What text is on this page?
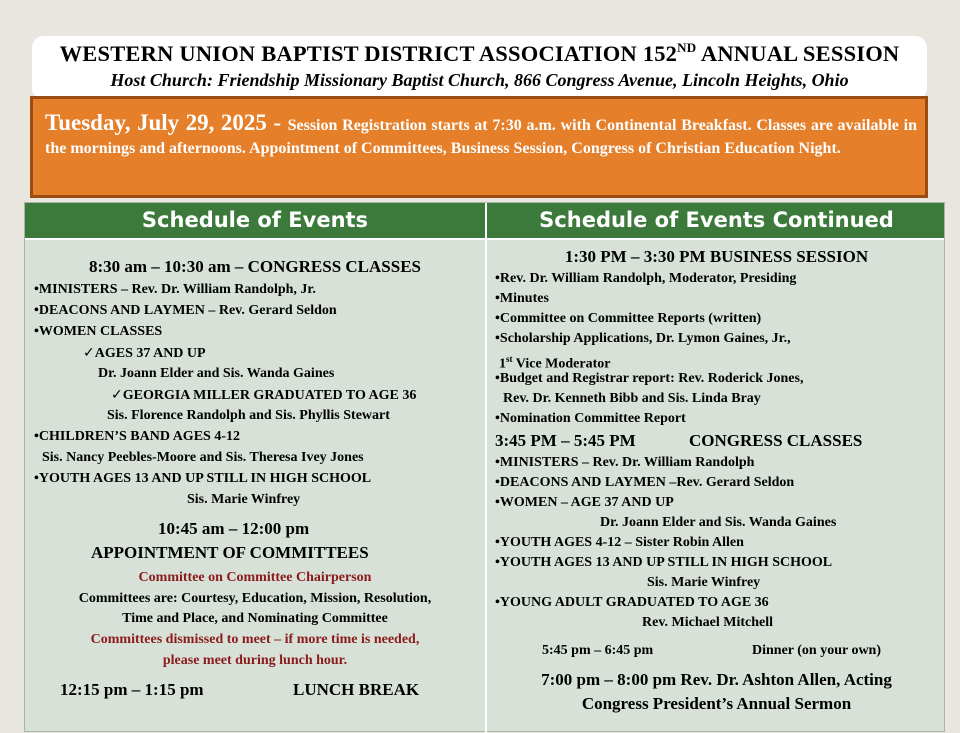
WESTERN UNION BAPTIST DISTRICT ASSOCIATION 152ND ANNUAL SESSION
Host Church: Friendship Missionary Baptist Church, 866 Congress Avenue, Lincoln Heights, Ohio
Tuesday, July 29, 2025 - Session Registration starts at 7:30 a.m. with Continental Breakfast. Classes are available in the mornings and afternoons. Appointment of Committees, Business Session, Congress of Christian Education Night.
Schedule of Events	Schedule of Events Continued
8:30 am – 10:30 am – CONGRESS CLASSES
•MINISTERS – Rev. Dr. William Randolph, Jr.
•DEACONS AND LAYMEN – Rev. Gerard Seldon
•WOMEN CLASSES
✓AGES 37 AND UP
Dr. Joann Elder and Sis. Wanda Gaines
✓GEORGIA MILLER GRADUATED TO AGE 36
Sis. Florence Randolph and Sis. Phyllis Stewart
•CHILDREN’S BAND AGES 4-12
Sis. Nancy Peebles-Moore and Sis. Theresa Ivey Jones
•YOUTH AGES 13 AND UP STILL IN HIGH SCHOOL
Sis. Marie Winfrey
10:45 am – 12:00 pm
APPOINTMENT OF COMMITTEES
Committee on Committee Chairperson
Committees are: Courtesy, Education, Mission, Resolution,
Time and Place, and Nominating Committee
Committees dismissed to meet – if more time is needed,
please meet during lunch hour.
12:15 pm – 1:15 pm	LUNCH BREAK
1:30 PM – 3:30 PM BUSINESS SESSION
•Rev. Dr. William Randolph, Moderator, Presiding
•Minutes
•Committee on Committee Reports (written)
•Scholarship Applications, Dr. Lymon Gaines, Jr.,
1st Vice Moderator
•Budget and Registrar report: Rev. Roderick Jones,
Rev. Dr. Kenneth Bibb and Sis. Linda Bray
•Nomination Committee Report
3:45 PM – 5:45 PM	CONGRESS CLASSES
•MINISTERS – Rev. Dr. William Randolph
•DEACONS AND LAYMEN –Rev. Gerard Seldon
•WOMEN – AGE 37 AND UP
Dr. Joann Elder and Sis. Wanda Gaines
•YOUTH AGES 4-12 – Sister Robin Allen
•YOUTH AGES 13 AND UP STILL IN HIGH SCHOOL
Sis. Marie Winfrey
•YOUNG ADULT GRADUATED TO AGE 36
Rev. Michael Mitchell
5:45 pm – 6:45 pm	Dinner (on your own)
7:00 pm – 8:00 pm Rev. Dr. Ashton Allen, Acting
Congress President’s Annual Sermon
